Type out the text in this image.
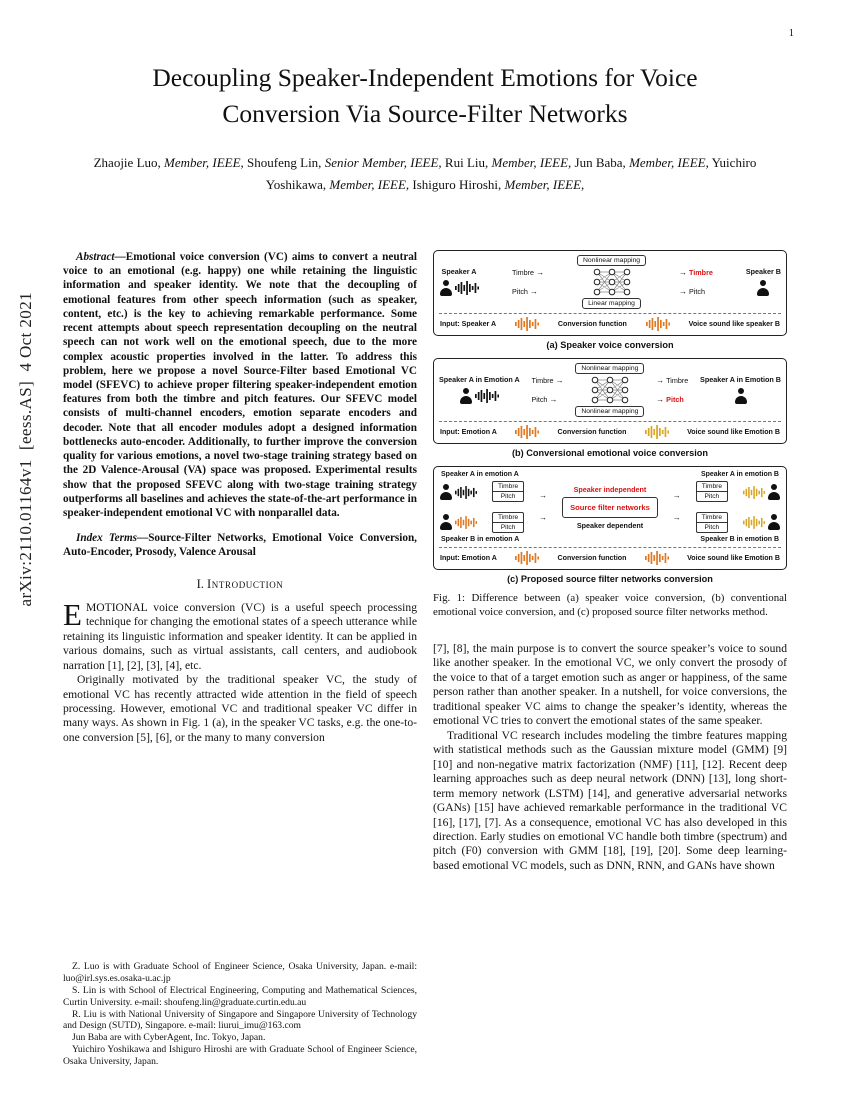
1
arXiv:2110.01164v1  [eess.AS]  4 Oct 2021
Decoupling Speaker-Independent Emotions for Voice
Conversion Via Source-Filter Networks
Zhaojie Luo, Member, IEEE, Shoufeng Lin, Senior Member, IEEE, Rui Liu, Member, IEEE, Jun Baba, Member, IEEE, Yuichiro Yoshikawa, Member, IEEE, Ishiguro Hiroshi, Member, IEEE,

Abstract—Emotional voice conversion (VC) aims to convert a neutral voice to an emotional (e.g. happy) one while retaining the linguistic information and speaker identity. We note that the decoupling of emotional features from other speech information (such as speaker, content, etc.) is the key to achieving remarkable performance. Some recent attempts about speech representation decoupling on the neutral speech can not work well on the emotional speech, due to the more complex acoustic properties involved in the latter. To address this problem, here we propose a novel Source-Filter based Emotional VC model (SFEVC) to achieve proper filtering speaker-independent emotion features from both the timbre and pitch features. Our SFEVC model consists of multi-channel encoders, emotion separate encoders and decoder. Note that all encoder modules adopt a designed information bottlenecks auto-encoder. Additionally, to further improve the conversion quality for various emotions, a novel two-stage training strategy based on the 2D Valence-Arousal (VA) space was proposed. Experimental results show that the proposed SFEVC along with two-stage training strategy outperforms all baselines and achieves the state-of-the-art performance in speaker-independent emotional VC with nonparallel data.

Index Terms—Source-Filter Networks, Emotional Voice Conversion, Auto-Encoder, Prosody, Valence Arousal

I. Introduction

EMOTIONAL voice conversion (VC) is a useful speech processing technique for changing the emotional states of a speech utterance while retaining its linguistic information and speaker identity. It can be applied in various domains, such as virtual assistants, call centers, and audiobook narration [1], [2], [3], [4], etc.

Originally motivated by the traditional speaker VC, the study of emotional VC has recently attracted wide attention in the field of speech processing. However, emotional VC and traditional speaker VC differ in many ways. As shown in Fig. 1 (a), in the speaker VC tasks, e.g. the one-to-one conversion [5], [6], or the many to many conversion

Z. Luo is with Graduate School of Engineer Science, Osaka University, Japan. e-mail: luo@irl.sys.es.osaka-u.ac.jp

S. Lin is with School of Electrical Engineering, Computing and Mathematical Sciences, Curtin University. e-mail: shoufeng.lin@graduate.curtin.edu.au

R. Liu is with National University of Singapore and Singapore University of Technology and Design (SUTD), Singapore. e-mail: liurui_imu@163.com

Jun Baba are with CyberAgent, Inc. Tokyo, Japan.

Yuichiro Yoshikawa and Ishiguro Hiroshi are with Graduate School of Engineer Science, Osaka University, Japan.

Speaker A	Timbre →
Pitch →
Nonlinear mapping
Linear mapping
→ Timbre
→ Pitch
Speaker B
Input: Speaker A	Conversion function	Voice sound like speaker B
(a) Speaker voice conversion
Speaker A in Emotion A Timbre →
Pitch →
Nonlinear mapping
Nonlinear mapping
→ Timbre
→ Pitch
Speaker A in Emotion B
Input: Emotion A	Conversion function	Voice sound like Emotion B
(b) Conversional emotional voice conversion
Speaker A in emotion A	Speaker A in emotion B
Timbre
Pitch
Timbre
Pitch
→
→
Speaker independent
Source filter networks
Speaker dependent
→
→
Timbre
Pitch
Timbre
Pitch
Speaker B in emotion A	Speaker B in emotion B
Input: Emotion A	Conversion function	Voice sound like Emotion B
(c) Proposed source filter networks conversion
Fig. 1: Difference between (a) speaker voice conversion, (b) conventional emotional voice conversion, and (c) proposed source filter networks method.

[7], [8], the main purpose is to convert the source speaker’s voice to sound like another speaker. In the emotional VC, we only convert the prosody of the voice to that of a target emotion such as anger or happiness, of the same person rather than another speaker. In a nutshell, for voice conversions, the traditional speaker VC aims to change the speaker’s identity, whereas the emotional VC tries to convert the emotional states of the same speaker.

Traditional VC research includes modeling the timbre features mapping with statistical methods such as the Gaussian mixture model (GMM) [9] [10] and non-negative matrix factorization (NMF) [11], [12]. Recent deep learning approaches such as deep neural network (DNN) [13], long short-term memory network (LSTM) [14], and generative adversarial networks (GANs) [15] have achieved remarkable performance in the traditional VC [16], [17], [7]. As a consequence, emotional VC has also developed in this direction. Early studies on emotional VC handle both timbre (spectrum) and pitch (F0) conversion with GMM [18], [19], [20]. Some deep learning-based emotional VC models, such as DNN, RNN, and GANs have shown
